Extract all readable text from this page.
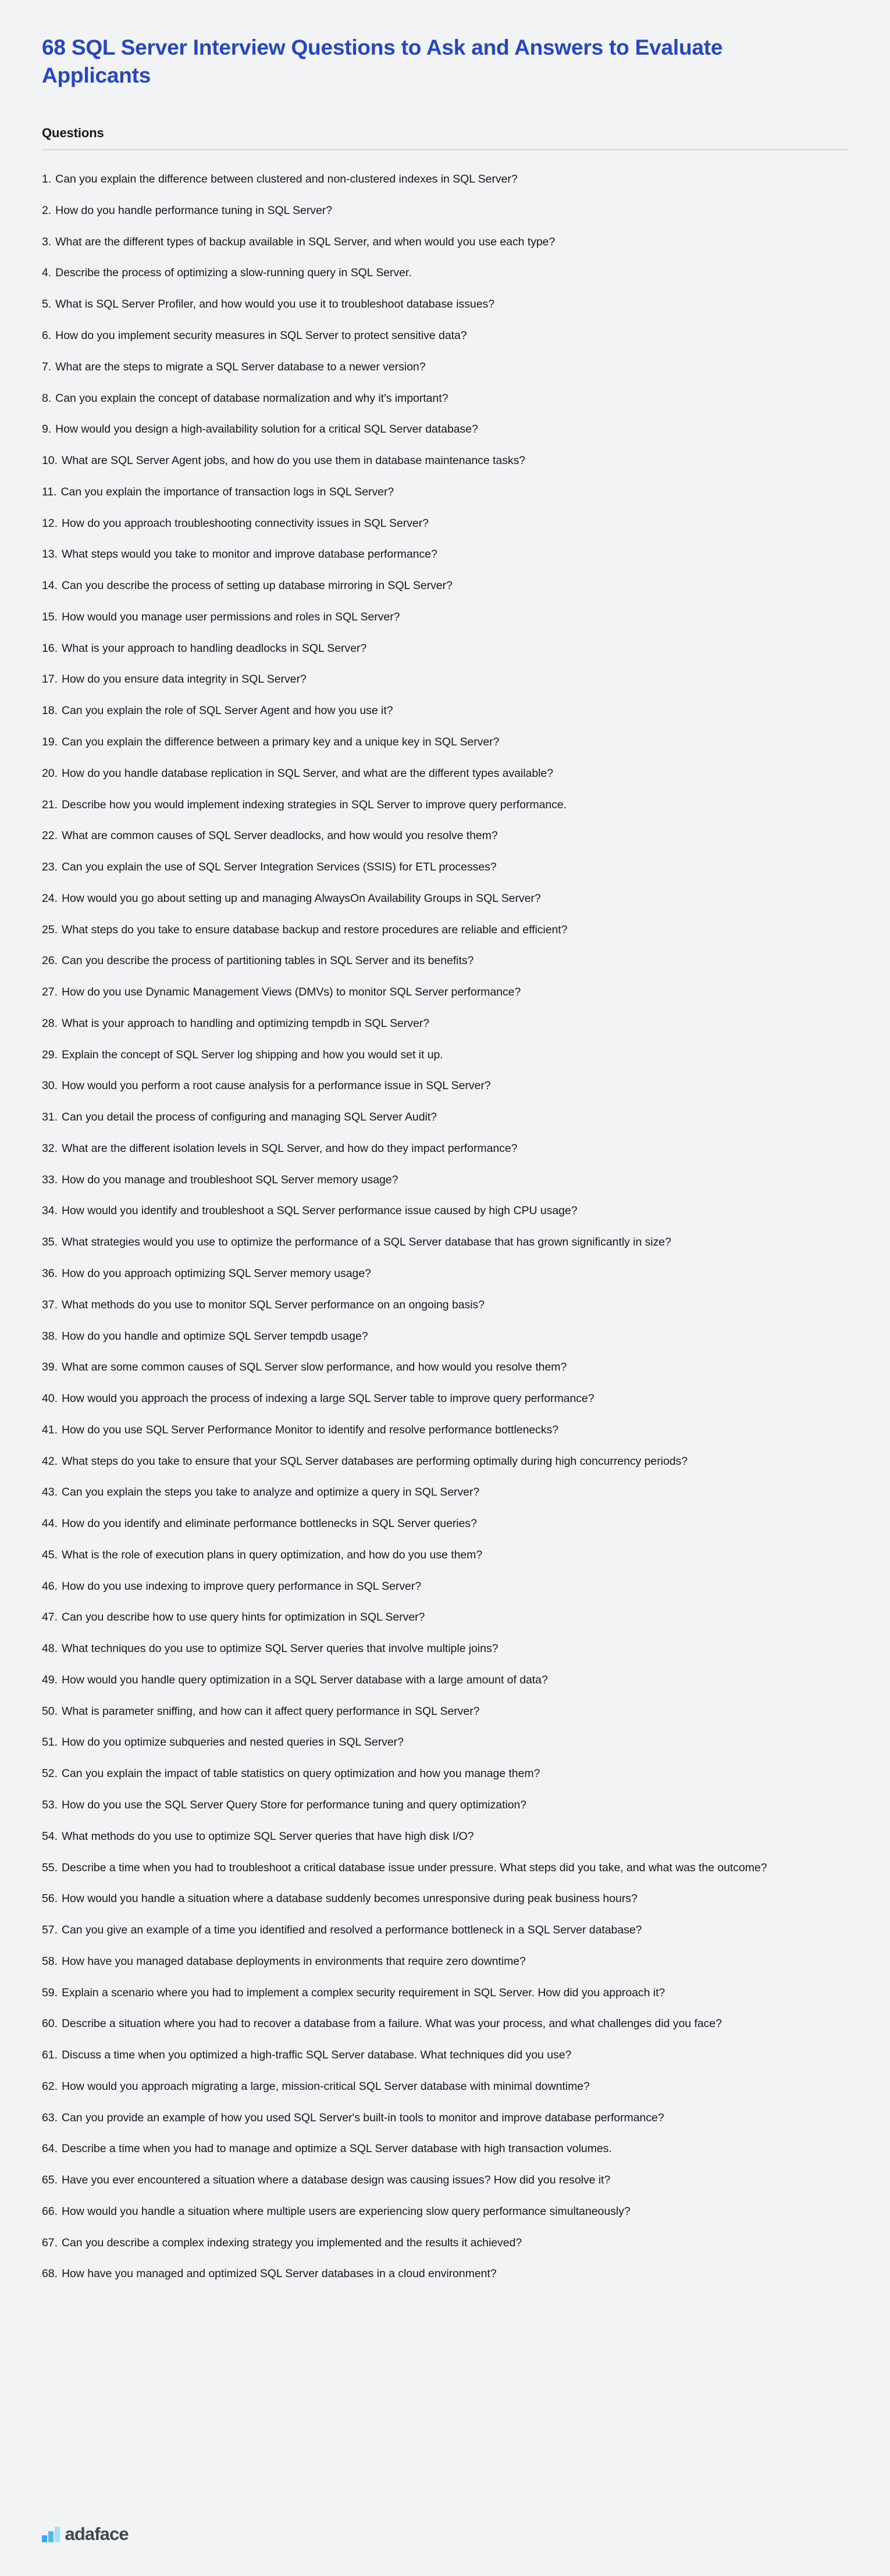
68 SQL Server Interview Questions to Ask and Answers to Evaluate Applicants
Questions
1. Can you explain the difference between clustered and non-clustered indexes in SQL Server?
2. How do you handle performance tuning in SQL Server?
3. What are the different types of backup available in SQL Server, and when would you use each type?
4. Describe the process of optimizing a slow-running query in SQL Server.
5. What is SQL Server Profiler, and how would you use it to troubleshoot database issues?
6. How do you implement security measures in SQL Server to protect sensitive data?
7. What are the steps to migrate a SQL Server database to a newer version?
8. Can you explain the concept of database normalization and why it's important?
9. How would you design a high-availability solution for a critical SQL Server database?
10. What are SQL Server Agent jobs, and how do you use them in database maintenance tasks?
11. Can you explain the importance of transaction logs in SQL Server?
12. How do you approach troubleshooting connectivity issues in SQL Server?
13. What steps would you take to monitor and improve database performance?
14. Can you describe the process of setting up database mirroring in SQL Server?
15. How would you manage user permissions and roles in SQL Server?
16. What is your approach to handling deadlocks in SQL Server?
17. How do you ensure data integrity in SQL Server?
18. Can you explain the role of SQL Server Agent and how you use it?
19. Can you explain the difference between a primary key and a unique key in SQL Server?
20. How do you handle database replication in SQL Server, and what are the different types available?
21. Describe how you would implement indexing strategies in SQL Server to improve query performance.
22. What are common causes of SQL Server deadlocks, and how would you resolve them?
23. Can you explain the use of SQL Server Integration Services (SSIS) for ETL processes?
24. How would you go about setting up and managing AlwaysOn Availability Groups in SQL Server?
25. What steps do you take to ensure database backup and restore procedures are reliable and efficient?
26. Can you describe the process of partitioning tables in SQL Server and its benefits?
27. How do you use Dynamic Management Views (DMVs) to monitor SQL Server performance?
28. What is your approach to handling and optimizing tempdb in SQL Server?
29. Explain the concept of SQL Server log shipping and how you would set it up.
30. How would you perform a root cause analysis for a performance issue in SQL Server?
31. Can you detail the process of configuring and managing SQL Server Audit?
32. What are the different isolation levels in SQL Server, and how do they impact performance?
33. How do you manage and troubleshoot SQL Server memory usage?
34. How would you identify and troubleshoot a SQL Server performance issue caused by high CPU usage?
35. What strategies would you use to optimize the performance of a SQL Server database that has grown significantly in size?
36. How do you approach optimizing SQL Server memory usage?
37. What methods do you use to monitor SQL Server performance on an ongoing basis?
38. How do you handle and optimize SQL Server tempdb usage?
39. What are some common causes of SQL Server slow performance, and how would you resolve them?
40. How would you approach the process of indexing a large SQL Server table to improve query performance?
41. How do you use SQL Server Performance Monitor to identify and resolve performance bottlenecks?
42. What steps do you take to ensure that your SQL Server databases are performing optimally during high concurrency periods?
43. Can you explain the steps you take to analyze and optimize a query in SQL Server?
44. How do you identify and eliminate performance bottlenecks in SQL Server queries?
45. What is the role of execution plans in query optimization, and how do you use them?
46. How do you use indexing to improve query performance in SQL Server?
47. Can you describe how to use query hints for optimization in SQL Server?
48. What techniques do you use to optimize SQL Server queries that involve multiple joins?
49. How would you handle query optimization in a SQL Server database with a large amount of data?
50. What is parameter sniffing, and how can it affect query performance in SQL Server?
51. How do you optimize subqueries and nested queries in SQL Server?
52. Can you explain the impact of table statistics on query optimization and how you manage them?
53. How do you use the SQL Server Query Store for performance tuning and query optimization?
54. What methods do you use to optimize SQL Server queries that have high disk I/O?
55. Describe a time when you had to troubleshoot a critical database issue under pressure. What steps did you take, and what was the outcome?
56. How would you handle a situation where a database suddenly becomes unresponsive during peak business hours?
57. Can you give an example of a time you identified and resolved a performance bottleneck in a SQL Server database?
58. How have you managed database deployments in environments that require zero downtime?
59. Explain a scenario where you had to implement a complex security requirement in SQL Server. How did you approach it?
60. Describe a situation where you had to recover a database from a failure. What was your process, and what challenges did you face?
61. Discuss a time when you optimized a high-traffic SQL Server database. What techniques did you use?
62. How would you approach migrating a large, mission-critical SQL Server database with minimal downtime?
63. Can you provide an example of how you used SQL Server's built-in tools to monitor and improve database performance?
64. Describe a time when you had to manage and optimize a SQL Server database with high transaction volumes.
65. Have you ever encountered a situation where a database design was causing issues? How did you resolve it?
66. How would you handle a situation where multiple users are experiencing slow query performance simultaneously?
67. Can you describe a complex indexing strategy you implemented and the results it achieved?
68. How have you managed and optimized SQL Server databases in a cloud environment?
adaface
